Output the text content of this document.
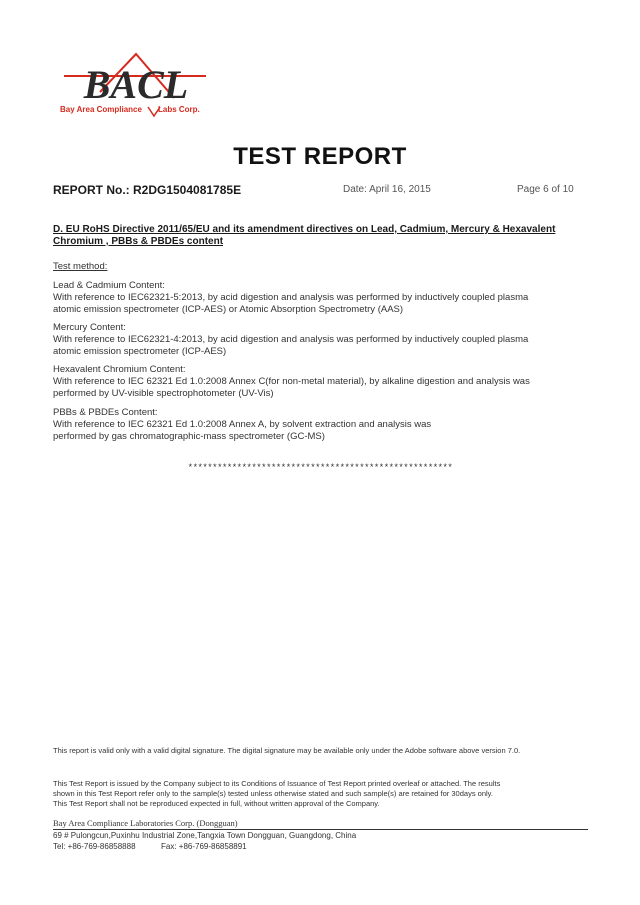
BACL
Bay Area Compliance Labs Corp.
TEST REPORT
REPORT No.: R2DG1504081785E	Date: April 16, 2015	Page 6 of 10
D. EU RoHS Directive 2011/65/EU and its amendment directives on Lead, Cadmium, Mercury & Hexavalent Chromium , PBBs & PBDEs content
Test method:
Lead & Cadmium Content:
With reference to IEC62321-5:2013, by acid digestion and analysis was performed by inductively coupled plasma
atomic emission spectrometer (ICP-AES) or Atomic Absorption Spectrometry (AAS)
Mercury Content:
With reference to IEC62321-4:2013, by acid digestion and analysis was performed by inductively coupled plasma
atomic emission spectrometer (ICP-AES)
Hexavalent Chromium Content:
With reference to IEC 62321 Ed 1.0:2008 Annex C(for non-metal material), by alkaline digestion and analysis was
performed by UV-visible spectrophotometer (UV-Vis)
PBBs & PBDEs Content:
With reference to IEC 62321 Ed 1.0:2008 Annex A, by solvent extraction and analysis was
performed by gas chromatographic-mass spectrometer (GC-MS)
******************************************************
This report is valid only with a valid digital signature. The digital signature may be available only under the Adobe software above version 7.0.
This Test Report is issued by the Company subject to its Conditions of Issuance of Test Report printed overleaf or attached. The results
shown in this Test Report refer only to the sample(s) tested unless otherwise stated and such sample(s) are retained for 30days only.
This Test Report shall not be reproduced expected in full, without written approval of the Company.
Bay Area Compliance Laboratories Corp. (Dongguan)
69 # Pulongcun,Puxinhu Industrial Zone,Tangxia Town Dongguan, Guangdong, China
Tel: +86-769-86858888	Fax: +86-769-86858891
